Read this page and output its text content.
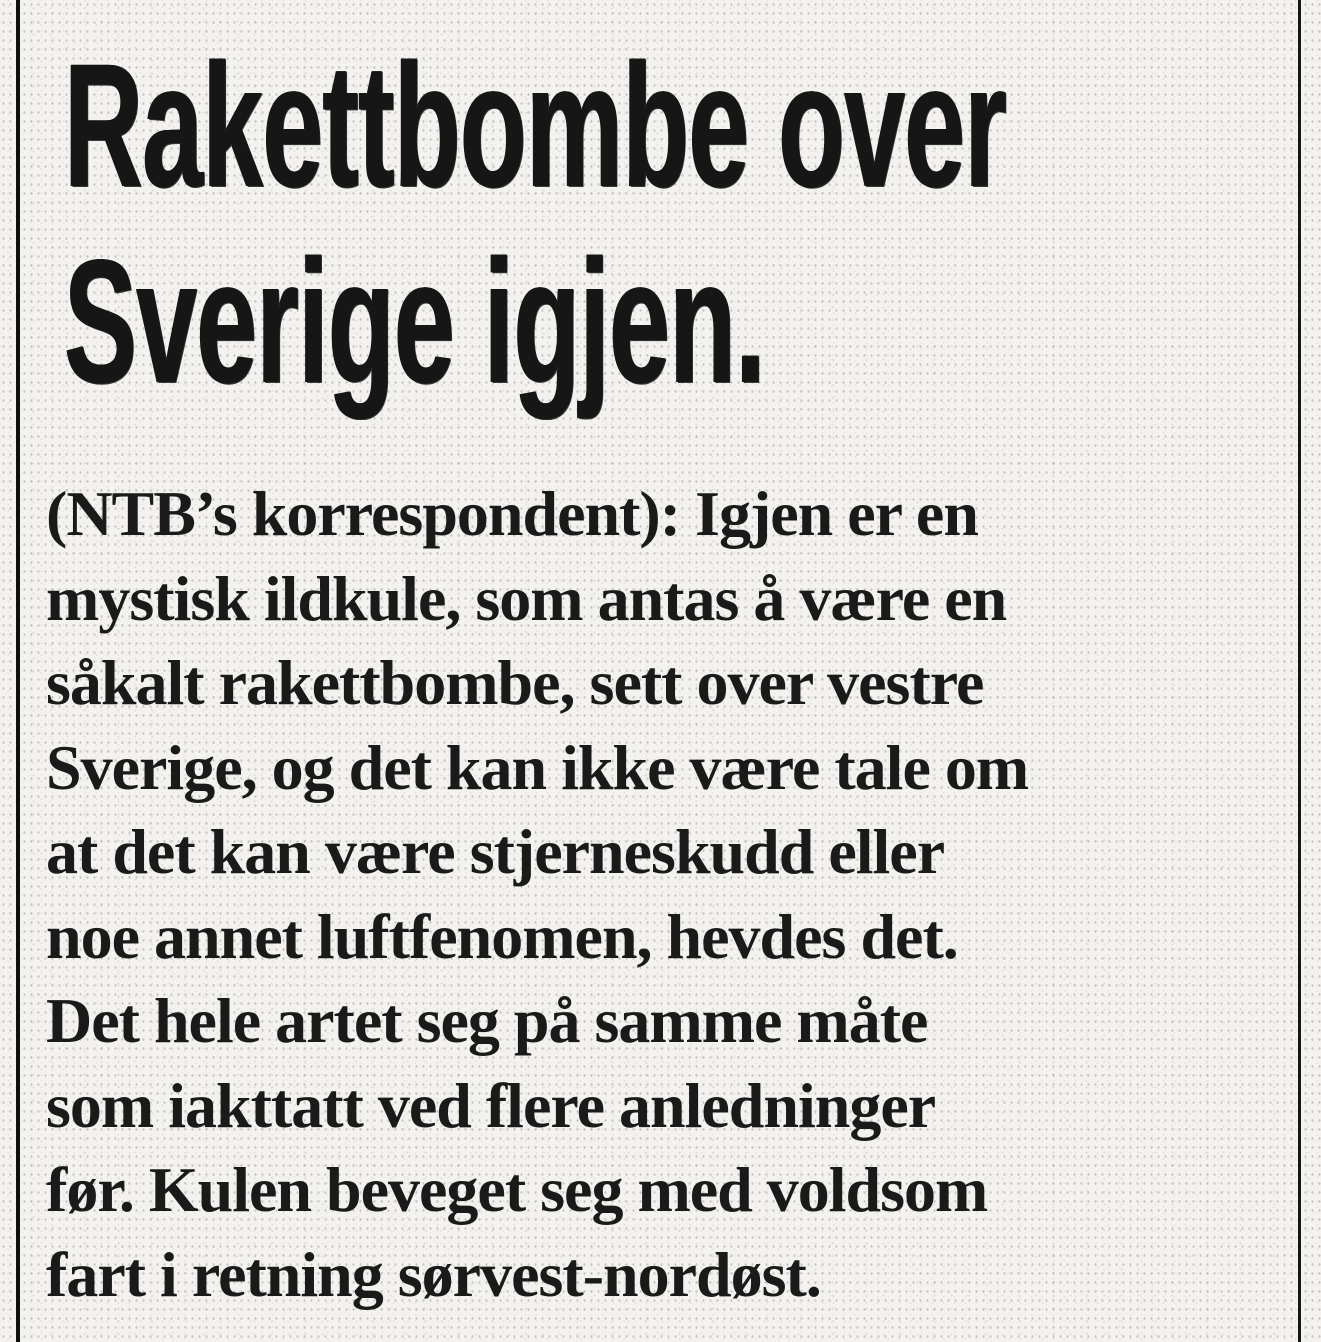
Rakettbombe over
Sverige igjen.
(NTB’s korrespondent): Igjen er en
mystisk ildkule, som antas å være en
såkalt rakettbombe, sett over vestre
Sverige, og det kan ikke være tale om
at det kan være stjerneskudd eller
noe annet luftfenomen, hevdes det.
Det hele artet seg på samme måte
som iakttatt ved flere anledninger
før. Kulen beveget seg med voldsom
fart i retning sørvest-nordøst.
